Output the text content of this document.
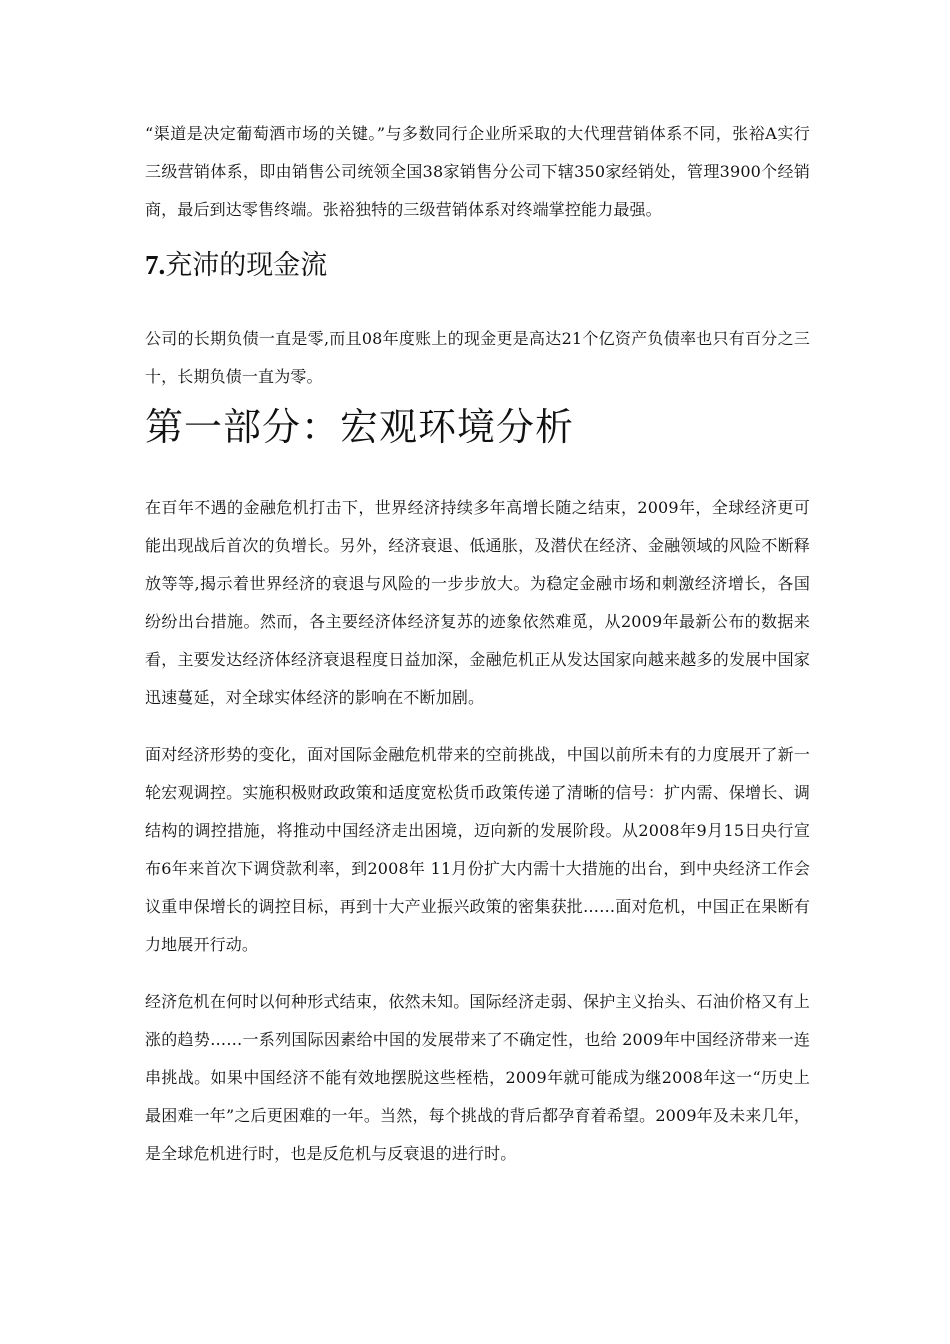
“渠道是决定葡萄酒市场的关键。”与多数同行企业所采取的大代理营销体系不同，张裕A实行三级营销体系，即由销售公司统领全国38家销售分公司下辖350家经销处，管理3900个经销商，最后到达零售终端。张裕独特的三级营销体系对终端掌控能力最强。

7.充沛的现金流

公司的长期负债一直是零,而且08年度账上的现金更是高达21个亿资产负债率也只有百分之三十，长期负债一直为零。

第一部分：宏观环境分析

在百年不遇的金融危机打击下，世界经济持续多年高增长随之结束，2009年，全球经济更可能出现战后首次的负增长。另外，经济衰退、低通胀，及潜伏在经济、金融领域的风险不断释放等等,揭示着世界经济的衰退与风险的一步步放大。为稳定金融市场和刺激经济增长，各国纷纷出台措施。然而，各主要经济体经济复苏的迹象依然难觅，从2009年最新公布的数据来看，主要发达经济体经济衰退程度日益加深，金融危机正从发达国家向越来越多的发展中国家迅速蔓延，对全球实体经济的影响在不断加剧。

面对经济形势的变化，面对国际金融危机带来的空前挑战，中国以前所未有的力度展开了新一轮宏观调控。实施积极财政政策和适度宽松货币政策传递了清晰的信号：扩内需、保增长、调结构的调控措施，将推动中国经济走出困境，迈向新的发展阶段。从2008年9月15日央行宣布6年来首次下调贷款利率，到2008年 11月份扩大内需十大措施的出台，到中央经济工作会议重申保增长的调控目标，再到十大产业振兴政策的密集获批……面对危机，中国正在果断有力地展开行动。

经济危机在何时以何种形式结束，依然未知。国际经济走弱、保护主义抬头、石油价格又有上涨的趋势……一系列国际因素给中国的发展带来了不确定性，也给 2009年中国经济带来一连串挑战。如果中国经济不能有效地摆脱这些桎梏，2009年就可能成为继2008年这一“历史上最困难一年”之后更困难的一年。当然，每个挑战的背后都孕育着希望。2009年及未来几年，是全球危机进行时，也是反危机与反衰退的进行时。
